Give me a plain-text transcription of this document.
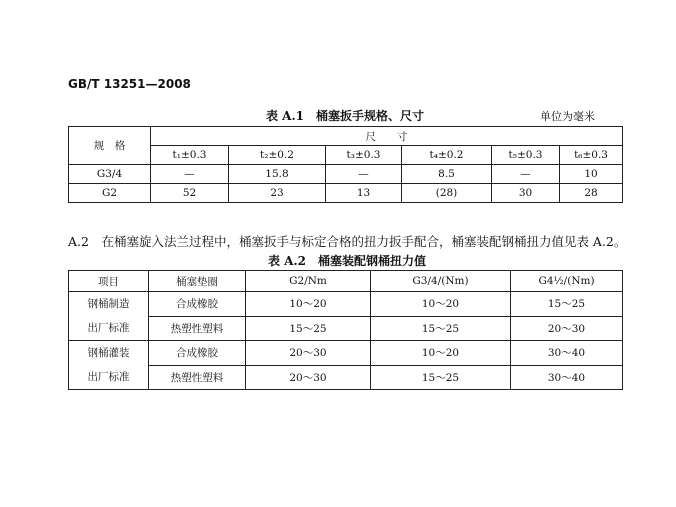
GB/T 13251—2008
表 A.1　桶塞扳手规格、尺寸	单位为毫米
规　格	尺　　寸					
	t₁±0.3	t₂±0.2	t₃±0.3	t₄±0.2	t₅±0.3	t₆±0.3
G3/4	—	15.8	—	8.5	—	10
G2	52	23	13	(28)	30	28
A.2　在桶塞旋入法兰过程中，桶塞扳手与标定合格的扭力扳手配合，桶塞装配钢桶扭力值见表 A.2。
表 A.2　桶塞装配钢桶扭力值
项目	桶塞垫圈	G2/Nm	G3/4/(Nm)	G4½/(Nm)

钢桶制造
出厂标准	合成橡胶	10～20	10～20	15～25
	热塑性塑料	15～25	15～25	20～30

钢桶灌装
出厂标准	合成橡胶	20～30	10～20	30～40
	热塑性塑料	20～30	15～25	30～40
